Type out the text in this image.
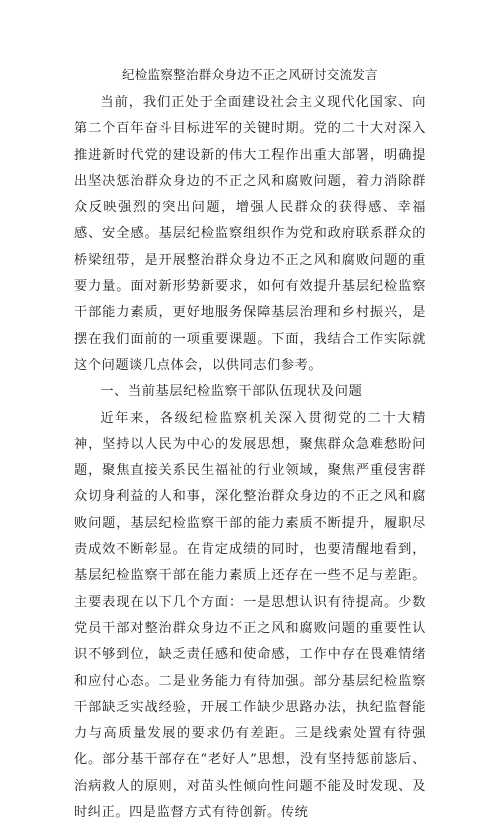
纪检监察整治群众身边不正之风研讨交流发言

当前，我们正处于全面建设社会主义现代化国家、向第二个百年奋斗目标进军的关键时期。党的二十大对深入推进新时代党的建设新的伟大工程作出重大部署，明确提出坚决惩治群众身边的不正之风和腐败问题，着力消除群众反映强烈的突出问题，增强人民群众的获得感、幸福感、安全感。基层纪检监察组织作为党和政府联系群众的桥梁纽带，是开展整治群众身边不正之风和腐败问题的重要力量。面对新形势新要求，如何有效提升基层纪检监察干部能力素质，更好地服务保障基层治理和乡村振兴，是摆在我们面前的一项重要课题。下面，我结合工作实际就这个问题谈几点体会，以供同志们参考。

一、当前基层纪检监察干部队伍现状及问题

近年来，各级纪检监察机关深入贯彻党的二十大精神，坚持以人民为中心的发展思想，聚焦群众急难愁盼问题，聚焦直接关系民生福祉的行业领域，聚焦严重侵害群众切身利益的人和事，深化整治群众身边的不正之风和腐败问题，基层纪检监察干部的能力素质不断提升，履职尽责成效不断彰显。在肯定成绩的同时，也要清醒地看到，基层纪检监察干部在能力素质上还存在一些不足与差距。主要表现在以下几个方面：一是思想认识有待提高。少数党员干部对整治群众身边不正之风和腐败问题的重要性认识不够到位，缺乏责任感和使命感，工作中存在畏难情绪和应付心态。二是业务能力有待加强。部分基层纪检监察干部缺乏实战经验，开展工作缺少思路办法，执纪监督能力与高质量发展的要求仍有差距。三是线索处置有待强化。部分基干部存在“老好人”思想，没有坚持惩前毖后、治病救人的原则，对苗头性倾向性问题不能及时发现、及时纠正。四是监督方式有待创新。传统
